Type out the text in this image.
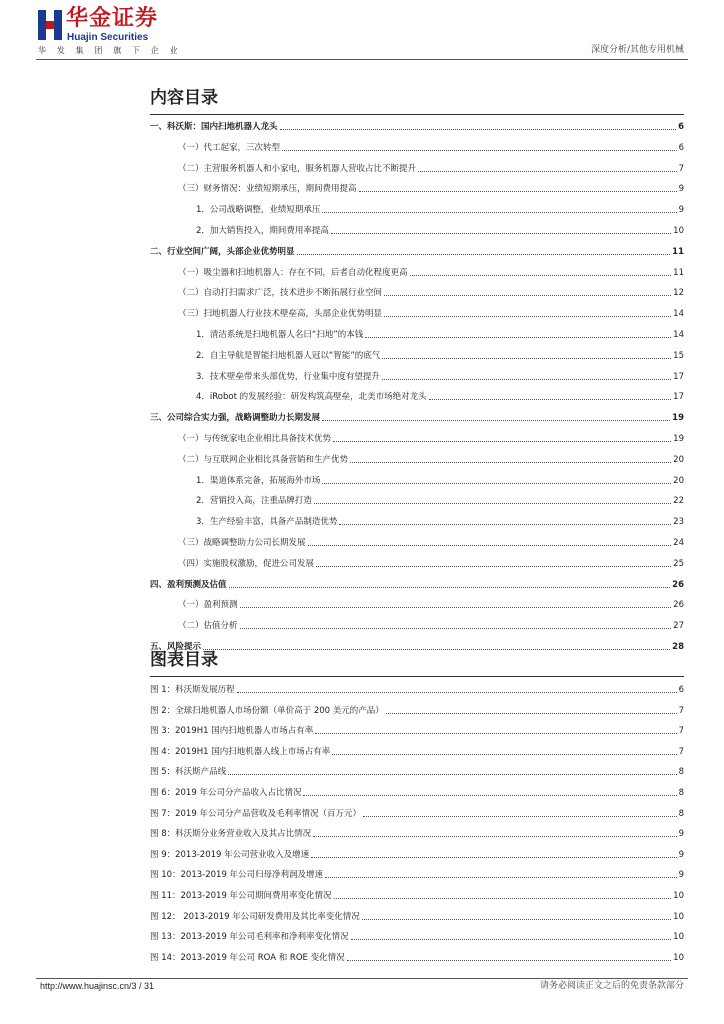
华金证券
Huajin Securities
华发集团旗下企业	深度分析/其他专用机械
内容目录
一、科沃斯：国内扫地机器人龙头	6
（一）代工起家，三次转型	6
（二）主营服务机器人和小家电，服务机器人营收占比不断提升	7
（三）财务情况：业绩短期承压，期间费用提高	9
1．公司战略调整，业绩短期承压	9
2．加大销售投入，期间费用率提高	10
二、行业空间广阔，头部企业优势明显	11
（一）吸尘器和扫地机器人：存在不同，后者自动化程度更高	11
（二）自动打扫需求广泛，技术进步不断拓展行业空间	12
（三）扫地机器人行业技术壁垒高，头部企业优势明显	14
1．清洁系统是扫地机器人名曰“扫地”的本钱	14
2．自主导航是智能扫地机器人冠以“智能”的底气	15
3．技术壁垒带来头部优势，行业集中度有望提升	17
4．iRobot 的发展经验：研发构筑高壁垒，北美市场绝对龙头	17
三、公司综合实力强，战略调整助力长期发展	19
（一）与传统家电企业相比具备技术优势	19
（二）与互联网企业相比具备营销和生产优势	20
1．渠道体系完备，拓展海外市场	20
2．营销投入高，注重品牌打造	22
3．生产经验丰富，具备产品制造优势	23
（三）战略调整助力公司长期发展	24
（四）实施股权激励，促进公司发展	25
四、盈利预测及估值	26
（一）盈利预测	26
（二）估值分析	27
五、风险提示	28
图表目录
图 1：科沃斯发展历程	6
图 2：全球扫地机器人市场份额（单价高于 200 美元的产品）	7
图 3：2019H1 国内扫地机器人市场占有率	7
图 4：2019H1 国内扫地机器人线上市场占有率	7
图 5：科沃斯产品线	8
图 6：2019 年公司分产品收入占比情况	8
图 7：2019 年公司分产品营收及毛利率情况（百万元）	8
图 8：科沃斯分业务营业收入及其占比情况	9
图 9：2013-2019 年公司营业收入及增速	9
图 10：2013-2019 年公司归母净利润及增速	9
图 11：2013-2019 年公司期间费用率变化情况	10
图 12： 2013-2019 年公司研发费用及其比率变化情况	10
图 13：2013-2019 年公司毛利率和净利率变化情况	10
图 14：2013-2019 年公司 ROA 和 ROE 变化情况	10
http://www.huajinsc.cn/3 / 31	请务必阅读正文之后的免责条款部分
